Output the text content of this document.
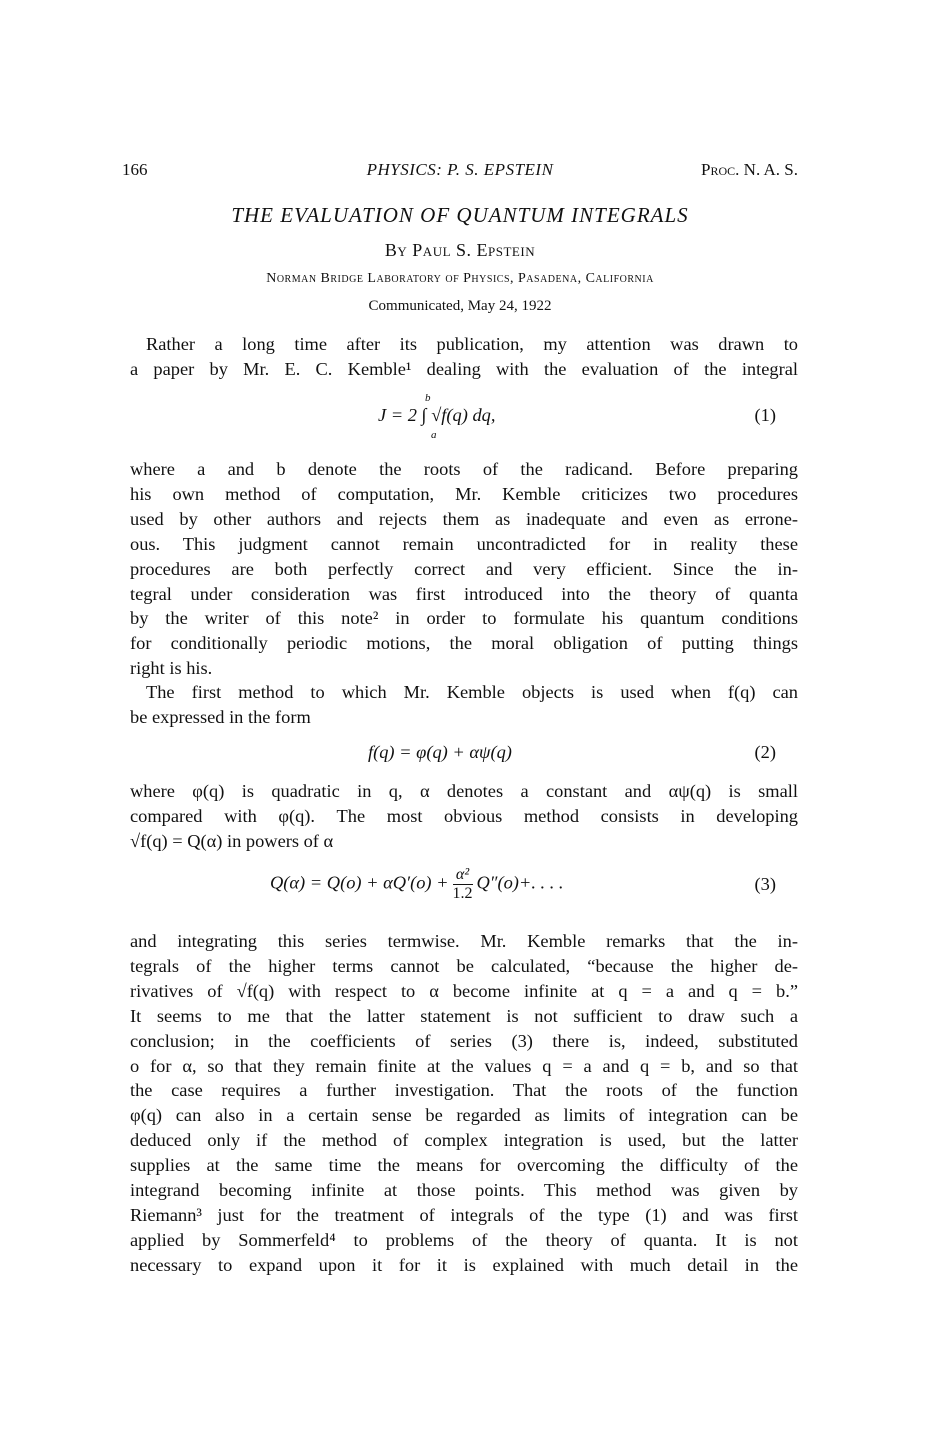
166	PHYSICS: P. S. EPSTEIN	Proc. N. A. S.
THE EVALUATION OF QUANTUM INTEGRALS
By Paul S. Epstein
Norman Bridge Laboratory of Physics, Pasadena, California
Communicated, May 24, 1922
Rather a long time after its publication, my attention was drawn to
a paper by Mr. E. C. Kemble¹ dealing with the evaluation of the integral
b
J = 2 ∫ √f(q) dq,
a
(1)
where a and b denote the roots of the radicand. Before preparing
his own method of computation, Mr. Kemble criticizes two procedures
used by other authors and rejects them as inadequate and even as errone-
ous. This judgment cannot remain uncontradicted for in reality these
procedures are both perfectly correct and very efficient. Since the in-
tegral under consideration was first introduced into the theory of quanta
by the writer of this note² in order to formulate his quantum conditions
for conditionally periodic motions, the moral obligation of putting things
right is his.
The first method to which Mr. Kemble objects is used when f(q) can
be expressed in the form
f(q) = φ(q) + αψ(q)	(2)
where φ(q) is quadratic in q, α denotes a constant and αψ(q) is small
compared with φ(q). The most obvious method consists in developing
√f(q) = Q(α) in powers of α
$Q(\alpha) = Q(o) + \alpha Q'(o) + \frac{\text{α²}}{1.2} Q''(o)+$. . . .	(3)
and integrating this series termwise. Mr. Kemble remarks that the in-
tegrals of the higher terms cannot be calculated, “because the higher de-
rivatives of √f(q) with respect to α become infinite at q = a and q = b.”
It seems to me that the latter statement is not sufficient to draw such a
conclusion; in the coefficients of series (3) there is, indeed, substituted
o for α, so that they remain finite at the values q = a and q = b, and so that
the case requires a further investigation. That the roots of the function
φ(q) can also in a certain sense be regarded as limits of integration can be
deduced only if the method of complex integration is used, but the latter
supplies at the same time the means for overcoming the difficulty of the
integrand becoming infinite at those points. This method was given by
Riemann³ just for the treatment of integrals of the type (1) and was first
applied by Sommerfeld⁴ to problems of the theory of quanta. It is not
necessary to expand upon it for it is explained with much detail in the
